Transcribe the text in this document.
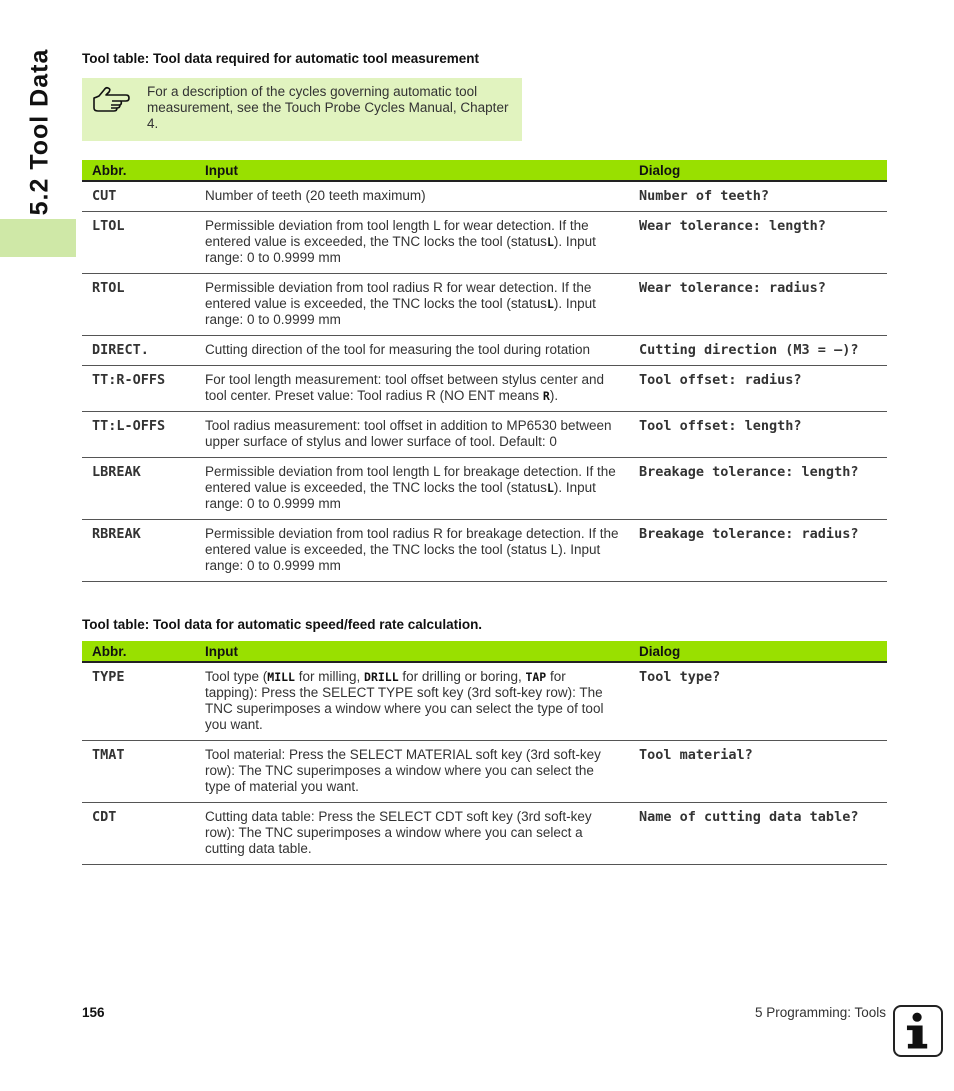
5.2 Tool Data Tool table: Tool data required for automatic tool measurement
For a description of the cycles governing automatic tool measurement, see the Touch Probe Cycles Manual, Chapter 4.
Abbr.	Input	Dialog
CUT	Number of teeth (20 teeth maximum)	Number of teeth?
LTOL	Permissible deviation from tool length L for wear detection. If the entered value is exceeded, the TNC locks the tool (statusL). Input range: 0 to 0.9999 mm	Wear tolerance: length?
RTOL	Permissible deviation from tool radius R for wear detection. If the entered value is exceeded, the TNC locks the tool (statusL). Input range: 0 to 0.9999 mm	Wear tolerance: radius?
DIRECT.	Cutting direction of the tool for measuring the tool during rotation	Cutting direction (M3 = –)?
TT:R-OFFS	For tool length measurement: tool offset between stylus center and tool center. Preset value: Tool radius R (NO ENT means R).	Tool offset: radius?
TT:L-OFFS	Tool radius measurement: tool offset in addition to MP6530 between upper surface of stylus and lower surface of tool. Default: 0	Tool offset: length?
LBREAK	Permissible deviation from tool length L for breakage detection. If the entered value is exceeded, the TNC locks the tool (statusL). Input range: 0 to 0.9999 mm	Breakage tolerance: length?
RBREAK	Permissible deviation from tool radius R for breakage detection. If the entered value is exceeded, the TNC locks the tool (status L). Input range: 0 to 0.9999 mm	Breakage tolerance: radius?
Tool table: Tool data for automatic speed/feed rate calculation.
Abbr.	Input	Dialog
TYPE	Tool type (MILL for milling, DRILL for drilling or boring, TAP for tapping): Press the SELECT TYPE soft key (3rd soft-key row): The TNC superimposes a window where you can select the type of tool you want.	Tool type?
TMAT	Tool material: Press the SELECT MATERIAL soft key (3rd soft-key row): The TNC superimposes a window where you can select the type of material you want.	Tool material?
CDT	Cutting data table: Press the SELECT CDT soft key (3rd soft-key row): The TNC superimposes a window where you can select a cutting data table.	Name of cutting data table?
156	5 Programming: Tools
